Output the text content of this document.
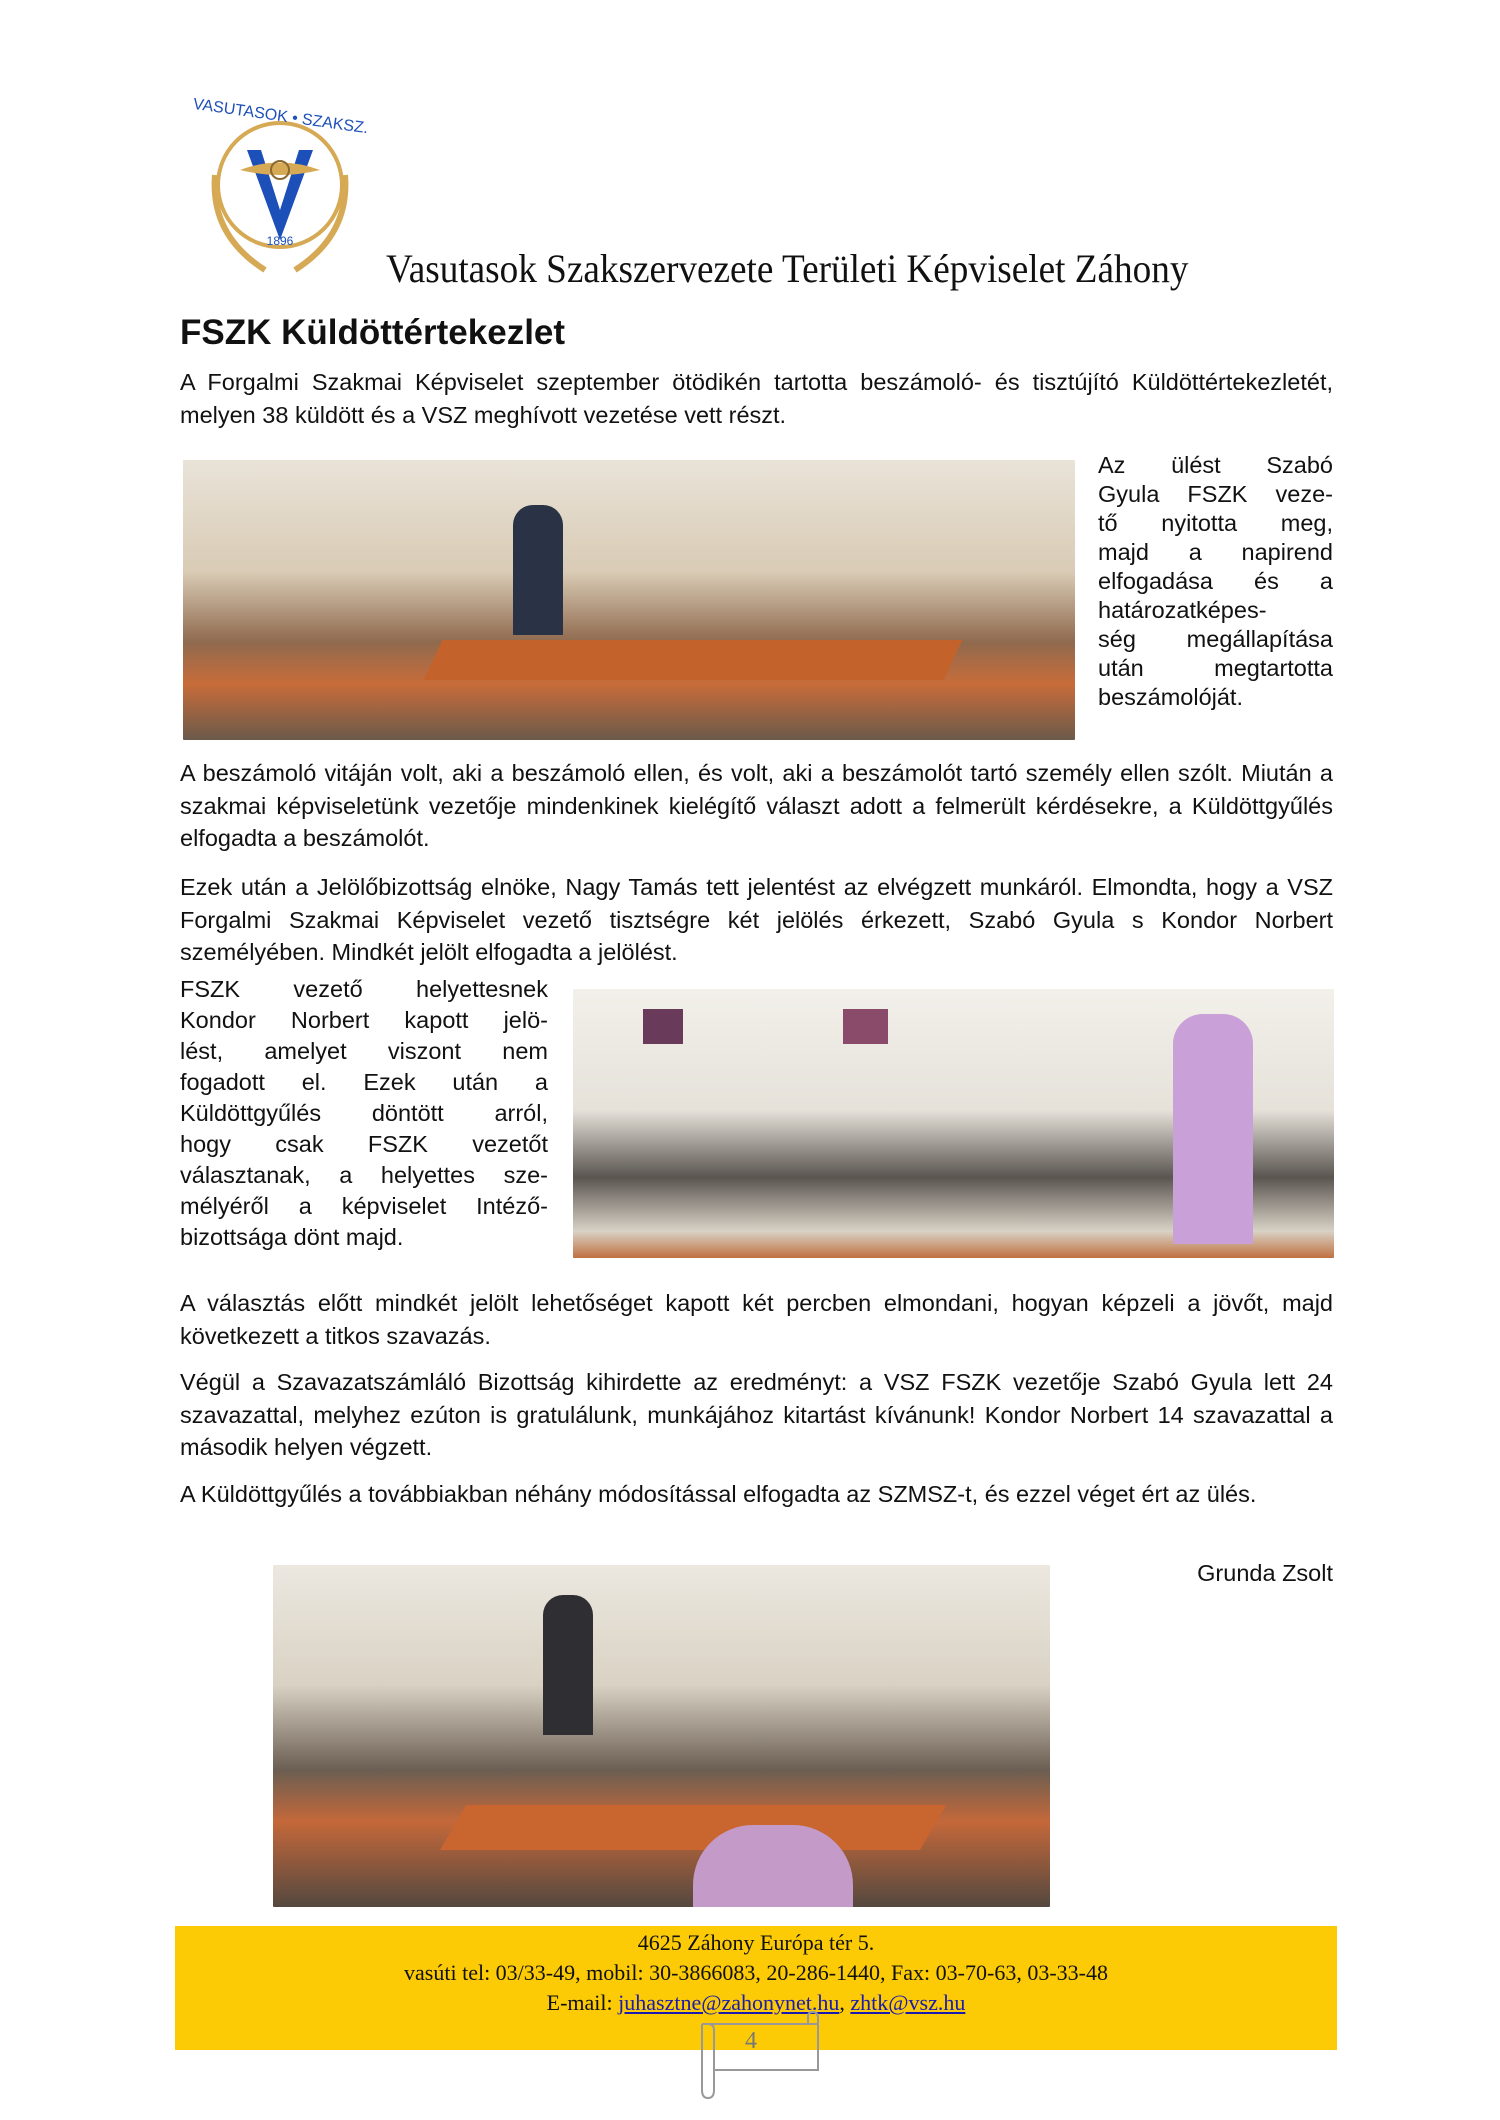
VASUTASOK • SZAKSZ.
1896
Vasutasok Szakszervezete Területi Képviselet Záhony
FSZK Küldöttértekezlet
A Forgalmi Szakmai Képviselet szeptember ötödikén tartotta beszámoló- és tisztújító Küldöttértekezletét, melyen 38 küldött és a VSZ meghívott vezetése vett részt.
Az ülést Szabó
Gyula FSZK veze-
tő nyitotta meg,
majd a napirend
elfogadása és a
határozatképes-
ség megállapítása
után megtartotta
beszámolóját.
A beszámoló vitáján volt, aki a beszámoló ellen, és volt, aki a beszámolót tartó személy ellen szólt. Miután a szakmai képviseletünk vezetője mindenkinek kielégítő választ adott a felmerült kérdésekre, a Küldöttgyűlés elfogadta a beszámolót.
Ezek után a Jelölőbizottság elnöke, Nagy Tamás tett jelentést az elvégzett munkáról. Elmondta, hogy a VSZ Forgalmi Szakmai Képviselet vezető tisztségre két jelölés érkezett, Szabó Gyula s Kondor Norbert személyében. Mindkét jelölt elfogadta a jelölést.
FSZK vezető helyettesnek
Kondor Norbert kapott jelö-
lést, amelyet viszont nem
fogadott el. Ezek után a
Küldöttgyűlés döntött arról,
hogy csak FSZK vezetőt
választanak, a helyettes sze-
mélyéről a képviselet Intéző-
bizottsága dönt majd.
A választás előtt mindkét jelölt lehetőséget kapott két percben elmondani, hogyan képzeli a jövőt, majd következett a titkos szavazás.
Végül a Szavazatszámláló Bizottság kihirdette az eredményt: a VSZ FSZK vezetője Szabó Gyula lett 24 szavazattal, melyhez ezúton is gratulálunk, munkájához kitartást kívánunk! Kondor Norbert 14 szavazattal a második helyen végzett.
A Küldöttgyűlés a továbbiakban néhány módosítással elfogadta az SZMSZ-t, és ezzel véget ért az ülés.
Grunda Zsolt
4625 Záhony Európa tér 5.
vasúti tel: 03/33-49, mobil: 30-3866083, 20-286-1440, Fax: 03-70-63, 03-33-48
E-mail: juhasztne@zahonynet.hu, zhtk@vsz.hu
4
